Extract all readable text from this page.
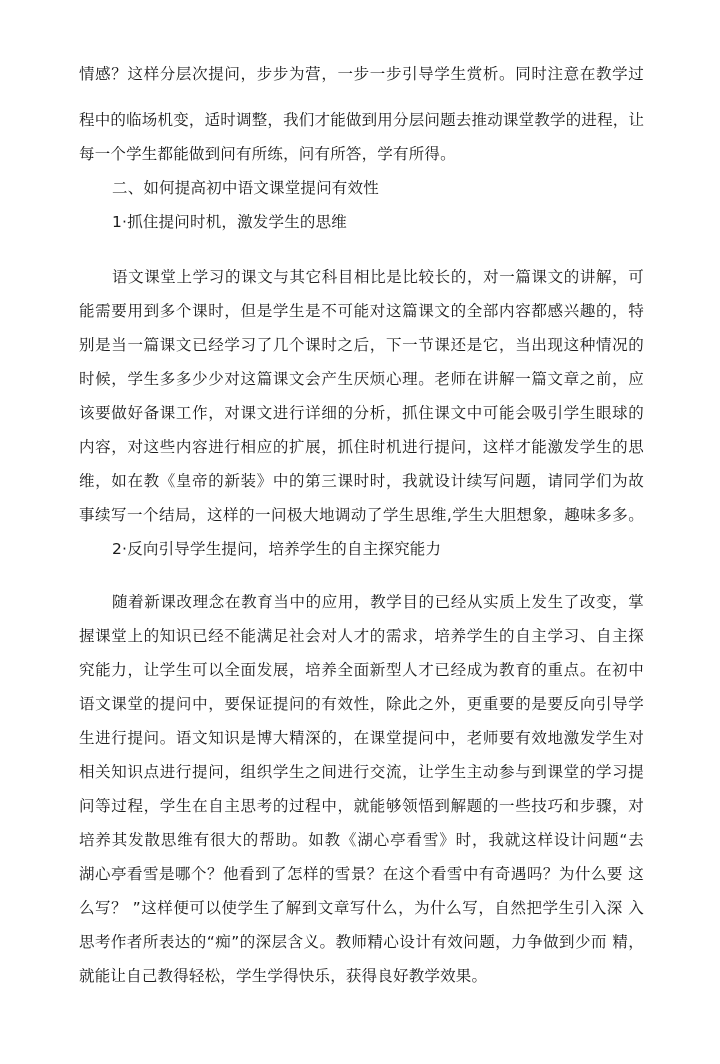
情感？这样分层次提问，步步为营，一步一步引导学生赏析。同时注意在教学过
程中的临场机变，适时调整，我们才能做到用分层问题去推动课堂教学的进程，让
每一个学生都能做到问有所练，问有所答，学有所得。
二、如何提高初中语文课堂提问有效性
1·抓住提问时机，激发学生的思维
语文课堂上学习的课文与其它科目相比是比较长的，对一篇课文的讲解，可
能需要用到多个课时，但是学生是不可能对这篇课文的全部内容都感兴趣的，特
别是当一篇课文已经学习了几个课时之后，下一节课还是它，当出现这种情况的
时候，学生多多少少对这篇课文会产生厌烦心理。老师在讲解一篇文章之前，应
该要做好备课工作，对课文进行详细的分析，抓住课文中可能会吸引学生眼球的
内容，对这些内容进行相应的扩展，抓住时机进行提问，这样才能激发学生的思
维，如在教《皇帝的新装》中的第三课时时，我就设计续写问题，请同学们为故
事续写一个结局，这样的一问极大地调动了学生思维,学生大胆想象，趣味多多。
2·反向引导学生提问，培养学生的自主探究能力
随着新课改理念在教育当中的应用，教学目的已经从实质上发生了改变，掌
握课堂上的知识已经不能满足社会对人才的需求，培养学生的自主学习、自主探
究能力，让学生可以全面发展，培养全面新型人才已经成为教育的重点。在初中
语文课堂的提问中，要保证提问的有效性，除此之外，更重要的是要反向引导学
生进行提问。语文知识是博大精深的，在课堂提问中，老师要有效地激发学生对
相关知识点进行提问，组织学生之间进行交流，让学生主动参与到课堂的学习提
问等过程，学生在自主思考的过程中，就能够领悟到解题的一些技巧和步骤，对
培养其发散思维有很大的帮助。如教《湖心亭看雪》时，我就这样设计问题“去
湖心亭看雪是哪个？他看到了怎样的雪景？在这个看雪中有奇遇吗？为什么要 这
么写？ ”这样便可以使学生了解到文章写什么，为什么写，自然把学生引入深 入
思考作者所表达的“痴”的深层含义。教师精心设计有效问题，力争做到少而 精，
就能让自己教得轻松，学生学得快乐，获得良好教学效果。
